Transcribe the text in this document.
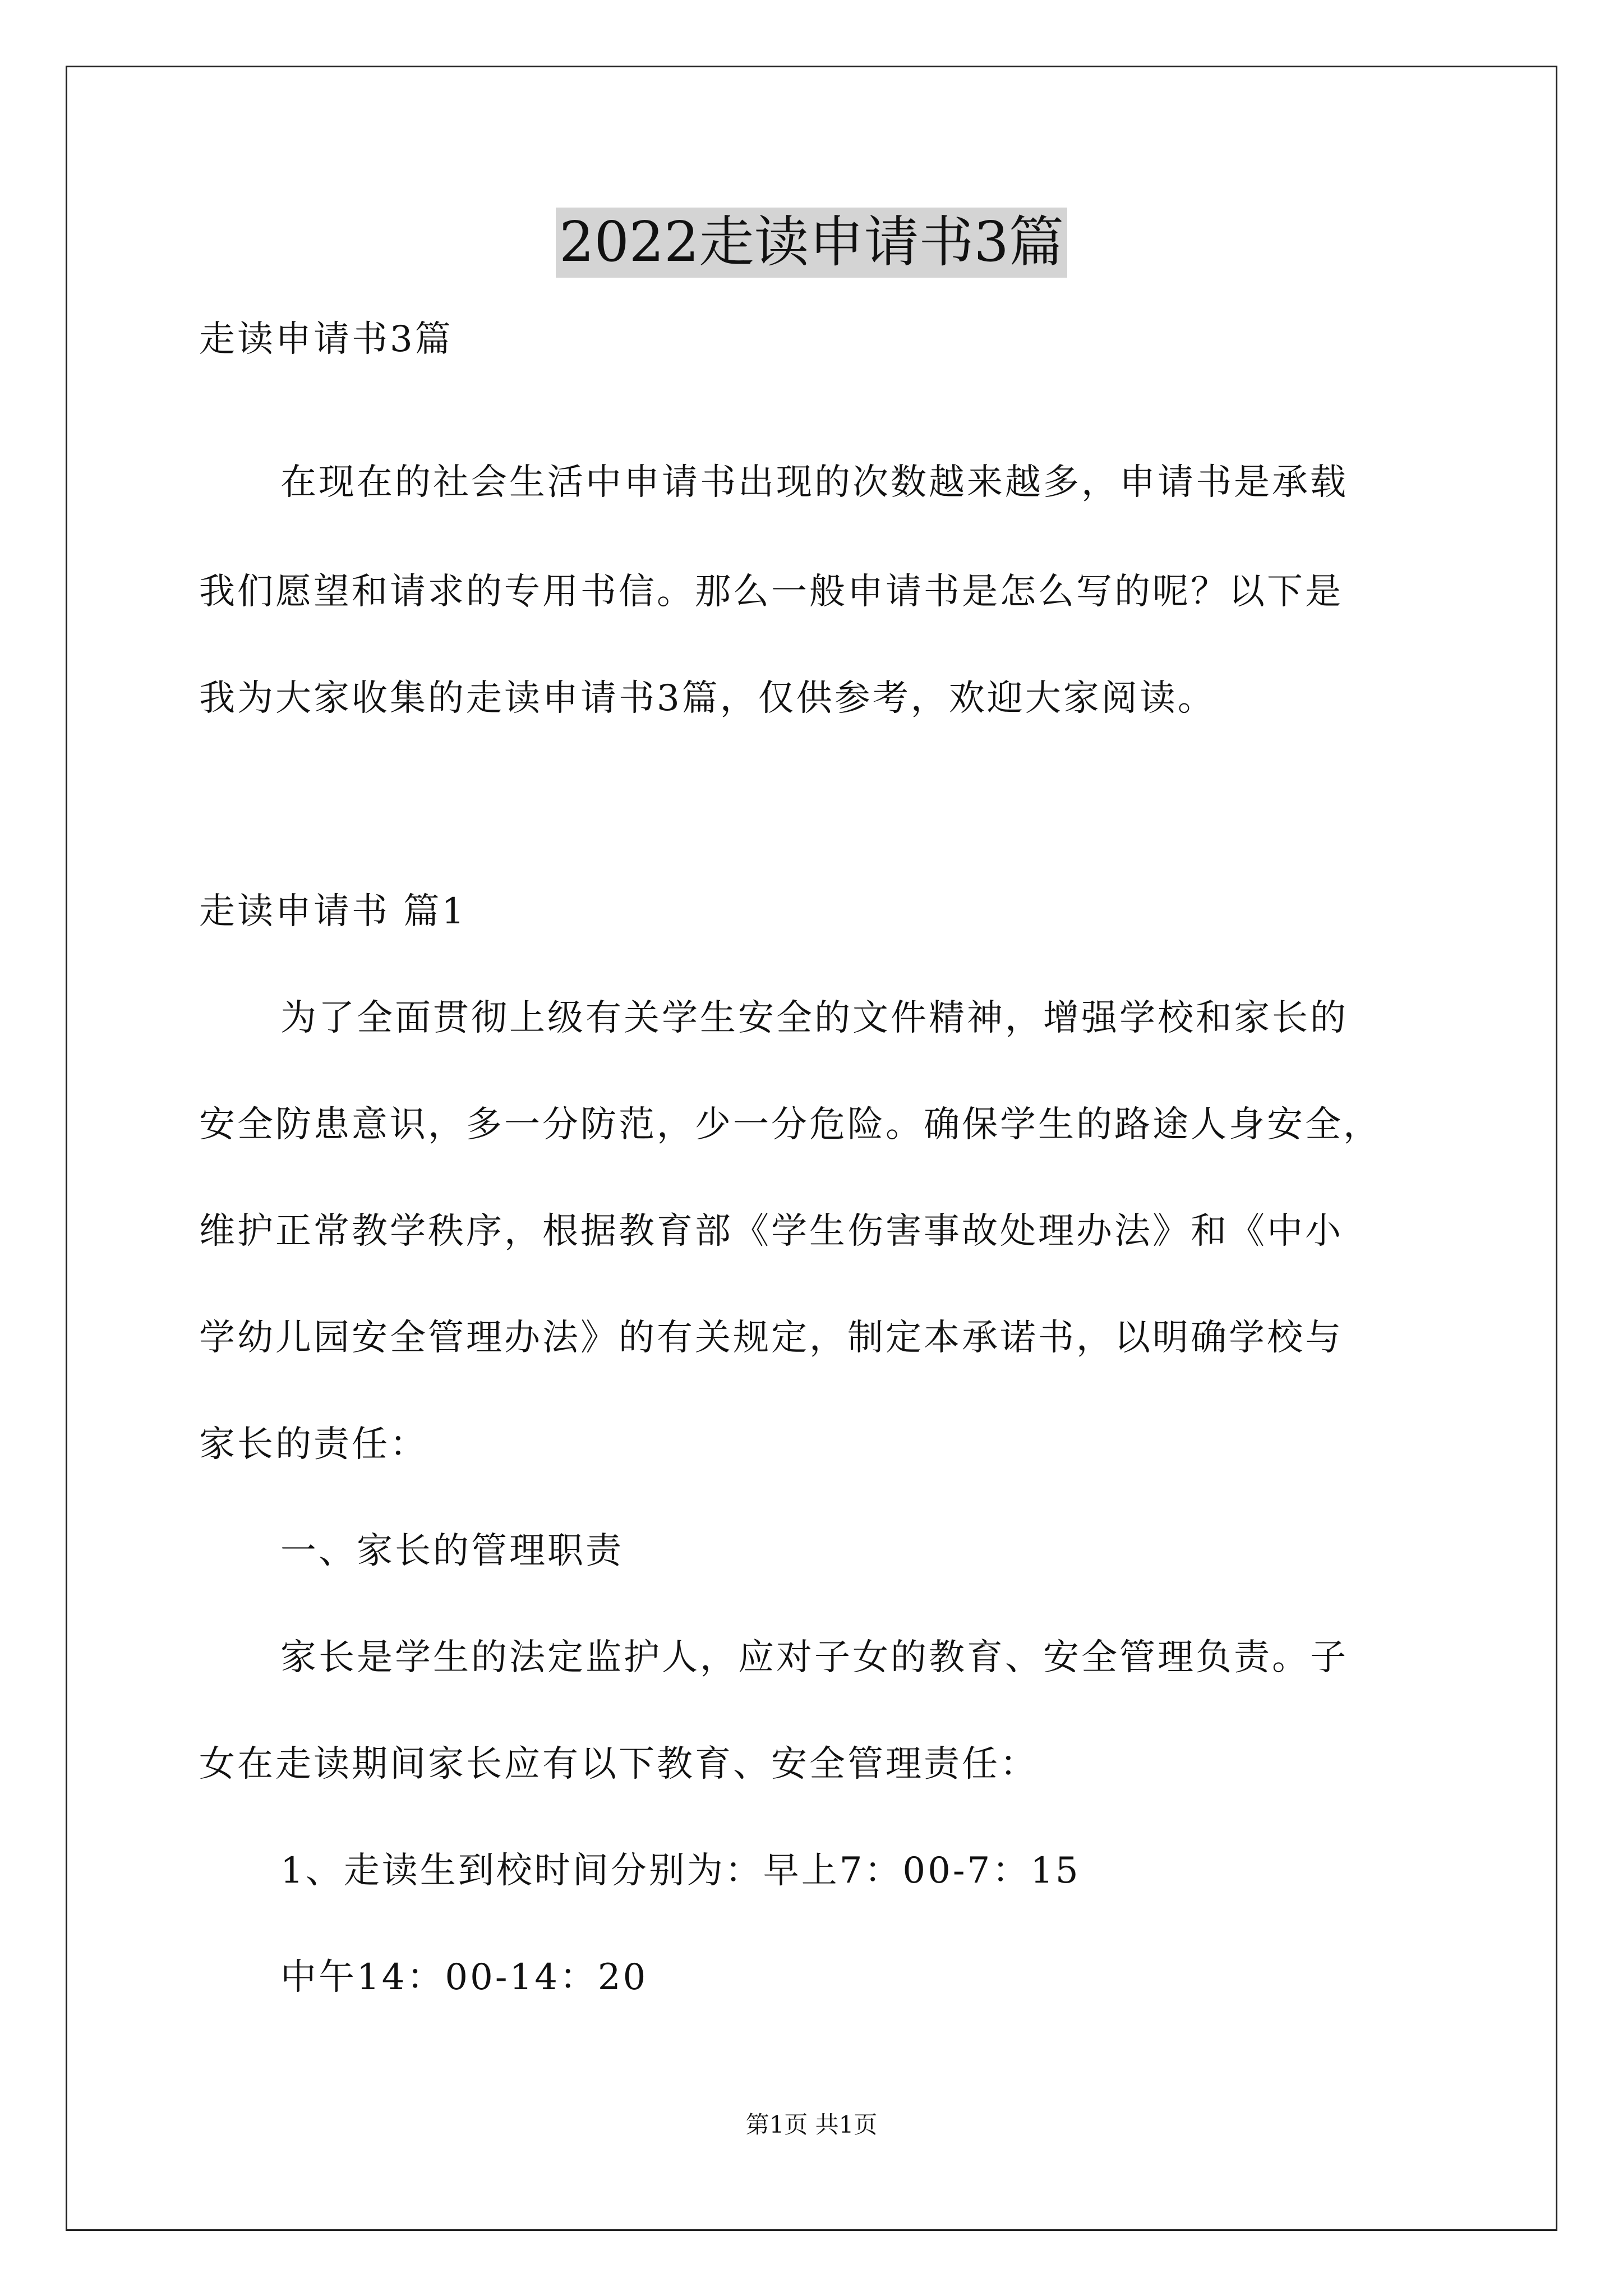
2022走读申请书3篇
走读申请书3篇
在现在的社会生活中申请书出现的次数越来越多，申请书是承载
我们愿望和请求的专用书信。那么一般申请书是怎么写的呢？以下是
我为大家收集的走读申请书3篇，仅供参考，欢迎大家阅读。
走读申请书 篇1
为了全面贯彻上级有关学生安全的文件精神，增强学校和家长的
安全防患意识，多一分防范，少一分危险。确保学生的路途人身安全，
维护正常教学秩序，根据教育部《学生伤害事故处理办法》和《中小
学幼儿园安全管理办法》的有关规定，制定本承诺书，以明确学校与
家长的责任：
一、家长的管理职责
家长是学生的法定监护人，应对子女的教育、安全管理负责。子
女在走读期间家长应有以下教育、安全管理责任：
1、走读生到校时间分别为：早上7：00-7：15
中午14：00-14：20
第1页 共1页
